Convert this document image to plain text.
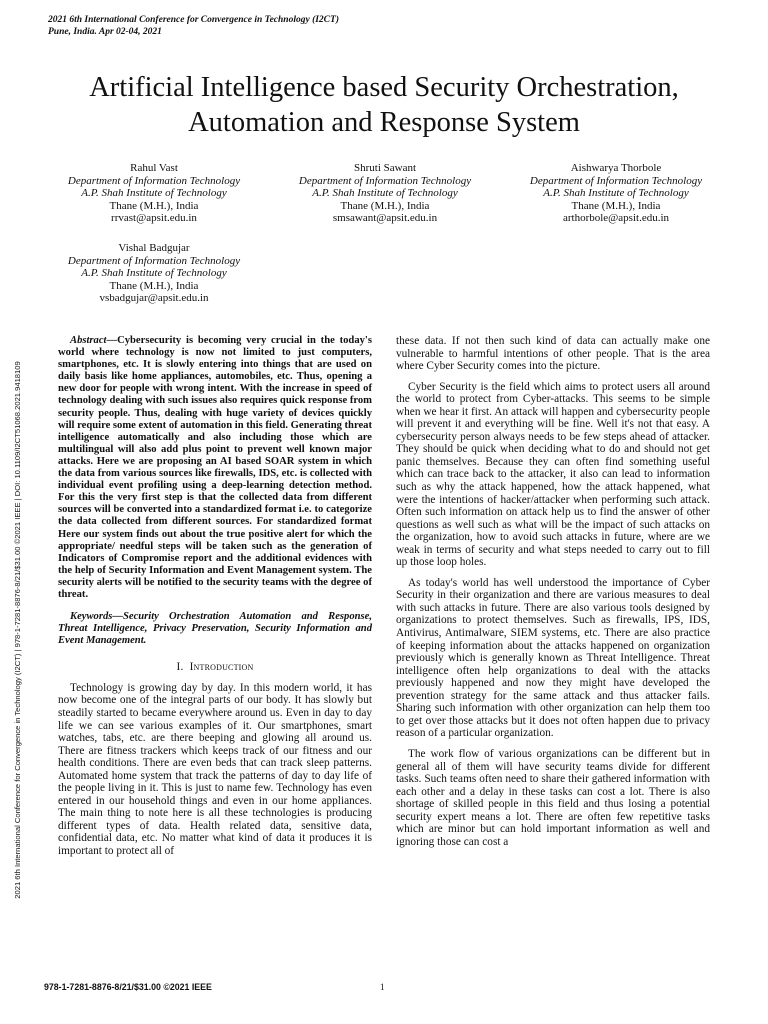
2021 6th International Conference for Convergence in Technology (I2CT)
Pune, India. Apr 02-04, 2021
Artificial Intelligence based Security Orchestration,
Automation and Response System
Rahul Vast
Department of Information Technology
A.P. Shah Institute of Technology
Thane (M.H.), India
rrvast@apsit.edu.in
Shruti Sawant
Department of Information Technology
A.P. Shah Institute of Technology
Thane (M.H.), India
smsawant@apsit.edu.in
Aishwarya Thorbole
Department of Information Technology
A.P. Shah Institute of Technology
Thane (M.H.), India
arthorbole@apsit.edu.in
Vishal Badgujar
Department of Information Technology
A.P. Shah Institute of Technology
Thane (M.H.), India
vsbadgujar@apsit.edu.in
2021 6th International Conference for Convergence in Technology (I2CT) | 978-1-7281-8876-8/21/$31.00 ©2021 IEEE | DOI: 10.1109/I2CT51068.2021.9418109
Abstract—Cybersecurity is becoming very crucial in the today's world where technology is now not limited to just computers, smartphones, etc. It is slowly entering into things that are used on daily basis like home appliances, automobiles, etc. Thus, opening a new door for people with wrong intent. With the increase in speed of technology dealing with such issues also requires quick response from security people. Thus, dealing with huge variety of devices quickly will require some extent of automation in this field. Generating threat intelligence automatically and also including those which are multilingual will also add plus point to prevent well known major attacks. Here we are proposing an AI based SOAR system in which the data from various sources like firewalls, IDS, etc. is collected with individual event profiling using a deep-learning detection method. For this the very first step is that the collected data from different sources will be converted into a standardized format i.e. to categorize the data collected from different sources. For standardized format Here our system finds out about the true positive alert for which the appropriate/ needful steps will be taken such as the generation of Indicators of Compromise report and the additional evidences with the help of Security Information and Event Management system. The security alerts will be notified to the security teams with the degree of threat.
Keywords—Security Orchestration Automation and Response, Threat Intelligence, Privacy Preservation, Security Information and Event Management.
I. Introduction

Technology is growing day by day. In this modern world, it has now become one of the integral parts of our body. It has slowly but steadily started to became everywhere around us. Even in day to day life we can see various examples of it. Our smartphones, smart watches, tabs, etc. are there beeping and glowing all around us. There are fitness trackers which keeps track of our fitness and our health conditions. There are even beds that can track sleep patterns. Automated home system that track the patterns of day to day life of the people living in it. This is just to name few. Technology has even entered in our household things and even in our home appliances. The main thing to note here is all these technologies is producing different types of data. Health related data, sensitive data, confidential data, etc. No matter what kind of data it produces it is important to protect all of

these data. If not then such kind of data can actually make one vulnerable to harmful intentions of other people. That is the area where Cyber Security comes into the picture.

Cyber Security is the field which aims to protect users all around the world to protect from Cyber-attacks. This seems to be simple when we hear it first. An attack will happen and cybersecurity people will prevent it and everything will be fine. Well it's not that easy. A cybersecurity person always needs to be few steps ahead of attacker. They should be quick when deciding what to do and should not get panic themselves. Because they can often find something useful which can trace back to the attacker, it also can lead to information such as why the attack happened, how the attack happened, what were the intentions of hacker/attacker when performing such attack. Often such information on attack help us to find the answer of other questions as well such as what will be the impact of such attacks on the organization, how to avoid such attacks in future, where are we weak in terms of security and what steps needed to carry out to fill up those loop holes.

As today's world has well understood the importance of Cyber Security in their organization and there are various measures to deal with such attacks in future. There are also various tools designed by organizations to protect themselves. Such as firewalls, IPS, IDS, Antivirus, Antimalware, SIEM systems, etc. There are also practice of keeping information about the attacks happened on organization previously which is generally known as Threat Intelligence. Threat intelligence often help organizations to deal with the attacks previously happened and now they might have developed the prevention strategy for the same attack and thus attacker fails. Sharing such information with other organization can help them too to get over those attacks but it does not often happen due to privacy reason of a particular organization.

The work flow of various organizations can be different but in general all of them will have security teams divide for different tasks. Such teams often need to share their gathered information with each other and a delay in these tasks can cost a lot. There is also shortage of skilled people in this field and thus losing a potential security expert means a lot. There are often few repetitive tasks which are minor but can hold important information as well and ignoring those can cost a

978-1-7281-8876-8/21/$31.00 ©2021 IEEE	1
